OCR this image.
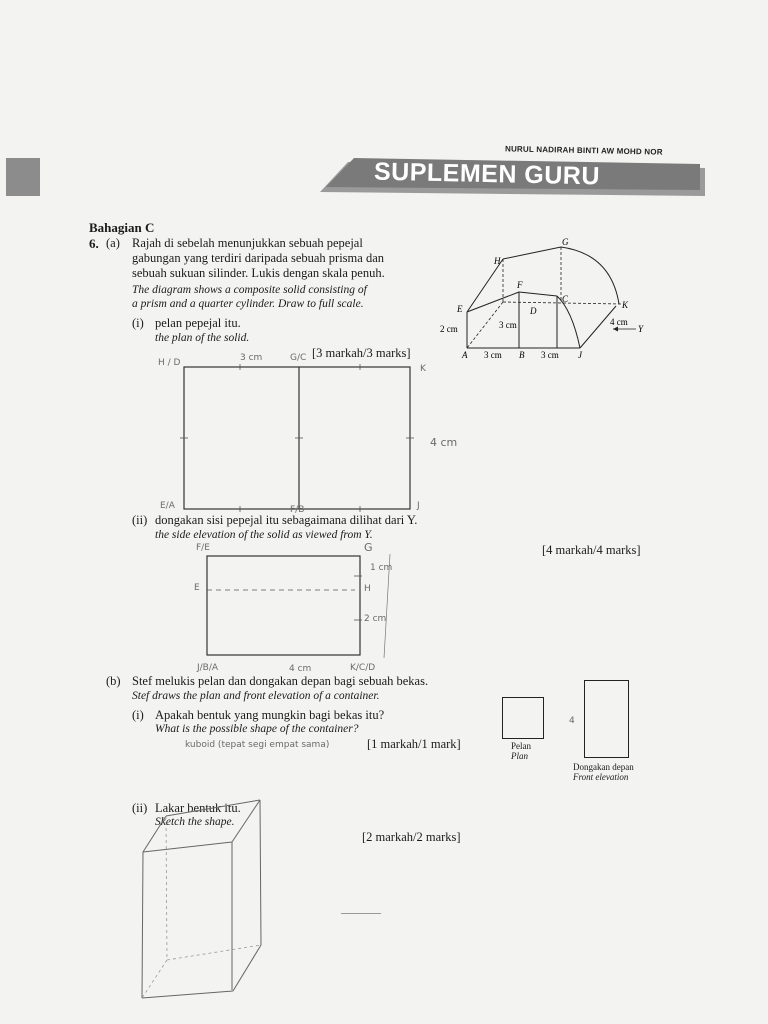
NURUL NADIRAH BINTI AW MOHD NOR
SUPLEMEN GURU
Bahagian C
6. (a) Rajah di sebelah menunjukkan sebuah pepejal
gabungan yang terdiri daripada sebuah prisma dan
sebuah sukuan silinder. Lukis dengan skala penuh.
The diagram shows a composite solid consisting of
a prism and a quarter cylinder. Draw to full scale.
(i) pelan pepejal itu.
the plan of the solid.
[3 markah/3 marks]
G
H
F
C
D
E	K
A	B	J
3 cm	3 cm
2 cm	3 cm	4 cm
Y
H / D	3 cm	G/C
K
4 cm
E/A	F/B	J
(ii) dongakan sisi pepejal itu sebagaimana dilihat dari Y.
the side elevation of the solid as viewed from Y.
[4 markah/4 marks]
F/E	G
1 cm
E	H
2 cm
J/B/A	4 cm	K/C/D
(b) Stef melukis pelan dan dongakan depan bagi sebuah bekas.
Stef draws the plan and front elevation of a container.
(i) Apakah bentuk yang mungkin bagi bekas itu?
What is the possible shape of the container?
kuboid (tepat segi empat sama)	[1 markah/1 mark]	Pelan
Plan
4
Dongakan depan
Front elevation
(ii) Lakar bentuk itu.
Sketch the shape.
[2 markah/2 marks]
